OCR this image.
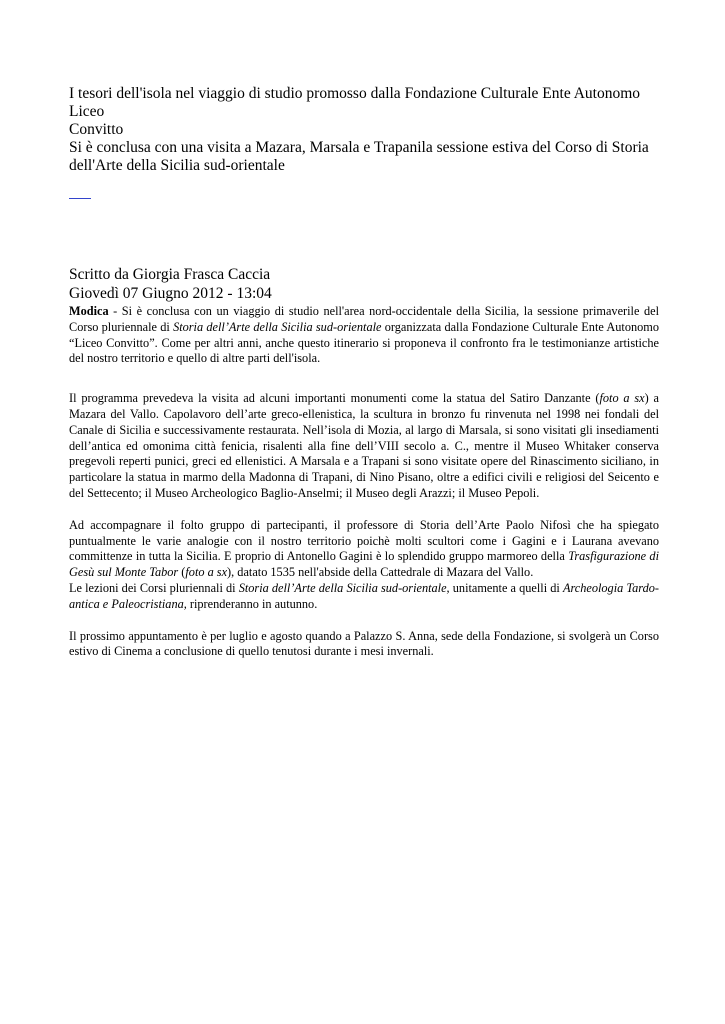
I tesori dell'isola nel viaggio di studio promosso dalla Fondazione Culturale Ente Autonomo Liceo
Convitto
Si è conclusa con una visita a Mazara, Marsala e Trapanila sessione estiva del Corso di Storia
dell'Arte della Sicilia sud-orientale
Scritto da Giorgia Frasca Caccia
Giovedì 07 Giugno 2012 - 13:04

Modica - Si è conclusa con un viaggio di studio nell'area nord-occidentale della Sicilia, la sessione primaverile del Corso pluriennale di Storia dell’Arte della Sicilia sud-orientale organizzata dalla Fondazione Culturale Ente Autonomo “Liceo Convitto”. Come per altri anni, anche questo itinerario si proponeva il confronto fra le testimonianze artistiche del nostro territorio e quello di altre parti dell'isola.

Il programma prevedeva la visita ad alcuni importanti monumenti come la statua del Satiro Danzante (foto a sx) a Mazara del Vallo. Capolavoro dell’arte greco-ellenistica, la scultura in bronzo fu rinvenuta nel 1998 nei fondali del Canale di Sicilia e successivamente restaurata. Nell’isola di Mozia, al largo di Marsala, si sono visitati gli insediamenti dell’antica ed omonima città fenicia, risalenti alla fine dell’VIII secolo a. C., mentre il Museo Whitaker conserva pregevoli reperti punici, greci ed ellenistici. A Marsala e a Trapani si sono visitate opere del Rinascimento siciliano, in particolare la statua in marmo della Madonna di Trapani, di Nino Pisano, oltre a edifici civili e religiosi del Seicento e del Settecento; il Museo Archeologico Baglio-Anselmi; il Museo degli Arazzi; il Museo Pepoli.

Ad accompagnare il folto gruppo di partecipanti, il professore di Storia dell’Arte Paolo Nifosì che ha spiegato puntualmente le varie analogie con il nostro territorio poichè molti scultori come i Gagini e i Laurana avevano committenze in tutta la Sicilia. E proprio di Antonello Gagini è lo splendido gruppo marmoreo della Trasfigurazione di Gesù sul Monte Tabor (foto a sx), datato 1535 nell'abside della Cattedrale di Mazara del Vallo.

Le lezioni dei Corsi pluriennali di Storia dell’Arte della Sicilia sud-orientale, unitamente a quelli di Archeologia Tardo-antica e Paleocristiana, riprenderanno in autunno.

Il prossimo appuntamento è per luglio e agosto quando a Palazzo S. Anna, sede della Fondazione, si svolgerà un Corso estivo di Cinema a conclusione di quello tenutosi durante i mesi invernali.
